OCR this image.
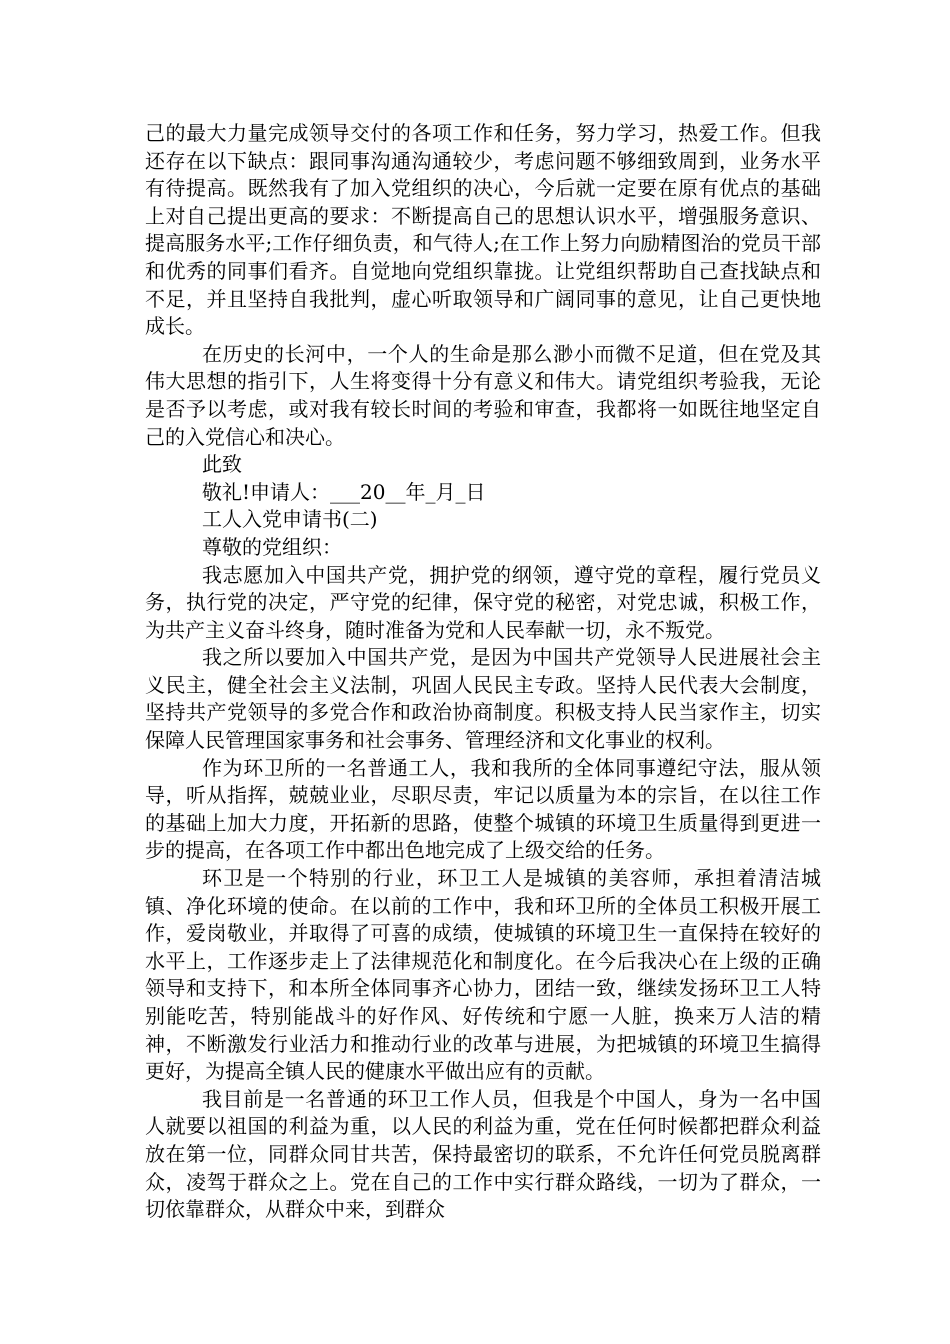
己的最大力量完成领导交付的各项工作和任务，努力学习，热爱工作。但我还存在以下缺点：跟同事沟通沟通较少，考虑问题不够细致周到，业务水平有待提高。既然我有了加入党组织的决心，今后就一定要在原有优点的基础上对自己提出更高的要求：不断提高自己的思想认识水平，增强服务意识、提高服务水平;工作仔细负责，和气待人;在工作上努力向励精图治的党员干部和优秀的同事们看齐。自觉地向党组织靠拢。让党组织帮助自己查找缺点和不足，并且坚持自我批判，虚心听取领导和广阔同事的意见，让自己更快地成长。

在历史的长河中，一个人的生命是那么渺小而微不足道，但在党及其伟大思想的指引下，人生将变得十分有意义和伟大。请党组织考验我，无论是否予以考虑，或对我有较长时间的考验和审查，我都将一如既往地坚定自己的入党信心和决心。

此致

敬礼!申请人：___20__年_月_日

工人入党申请书(二)

尊敬的党组织：

我志愿加入中国共产党，拥护党的纲领，遵守党的章程，履行党员义务，执行党的决定，严守党的纪律，保守党的秘密，对党忠诚，积极工作，为共产主义奋斗终身，随时准备为党和人民奉献一切，永不叛党。

我之所以要加入中国共产党，是因为中国共产党领导人民进展社会主义民主，健全社会主义法制，巩固人民民主专政。坚持人民代表大会制度，坚持共产党领导的多党合作和政治协商制度。积极支持人民当家作主，切实保障人民管理国家事务和社会事务、管理经济和文化事业的权利。

作为环卫所的一名普通工人，我和我所的全体同事遵纪守法，服从领导，听从指挥，兢兢业业，尽职尽责，牢记以质量为本的宗旨，在以往工作的基础上加大力度，开拓新的思路，使整个城镇的环境卫生质量得到更进一步的提高，在各项工作中都出色地完成了上级交给的任务。

环卫是一个特别的行业，环卫工人是城镇的美容师，承担着清洁城镇、净化环境的使命。在以前的工作中，我和环卫所的全体员工积极开展工作，爱岗敬业，并取得了可喜的成绩，使城镇的环境卫生一直保持在较好的水平上，工作逐步走上了法律规范化和制度化。在今后我决心在上级的正确领导和支持下，和本所全体同事齐心协力，团结一致，继续发扬环卫工人特别能吃苦，特别能战斗的好作风、好传统和宁愿一人脏，换来万人洁的精神，不断激发行业活力和推动行业的改革与进展，为把城镇的环境卫生搞得更好，为提高全镇人民的健康水平做出应有的贡献。

我目前是一名普通的环卫工作人员，但我是个中国人，身为一名中国人就要以祖国的利益为重，以人民的利益为重，党在任何时候都把群众利益放在第一位，同群众同甘共苦，保持最密切的联系，不允许任何党员脱离群众，凌驾于群众之上。党在自己的工作中实行群众路线，一切为了群众，一切依靠群众，从群众中来，到群众
